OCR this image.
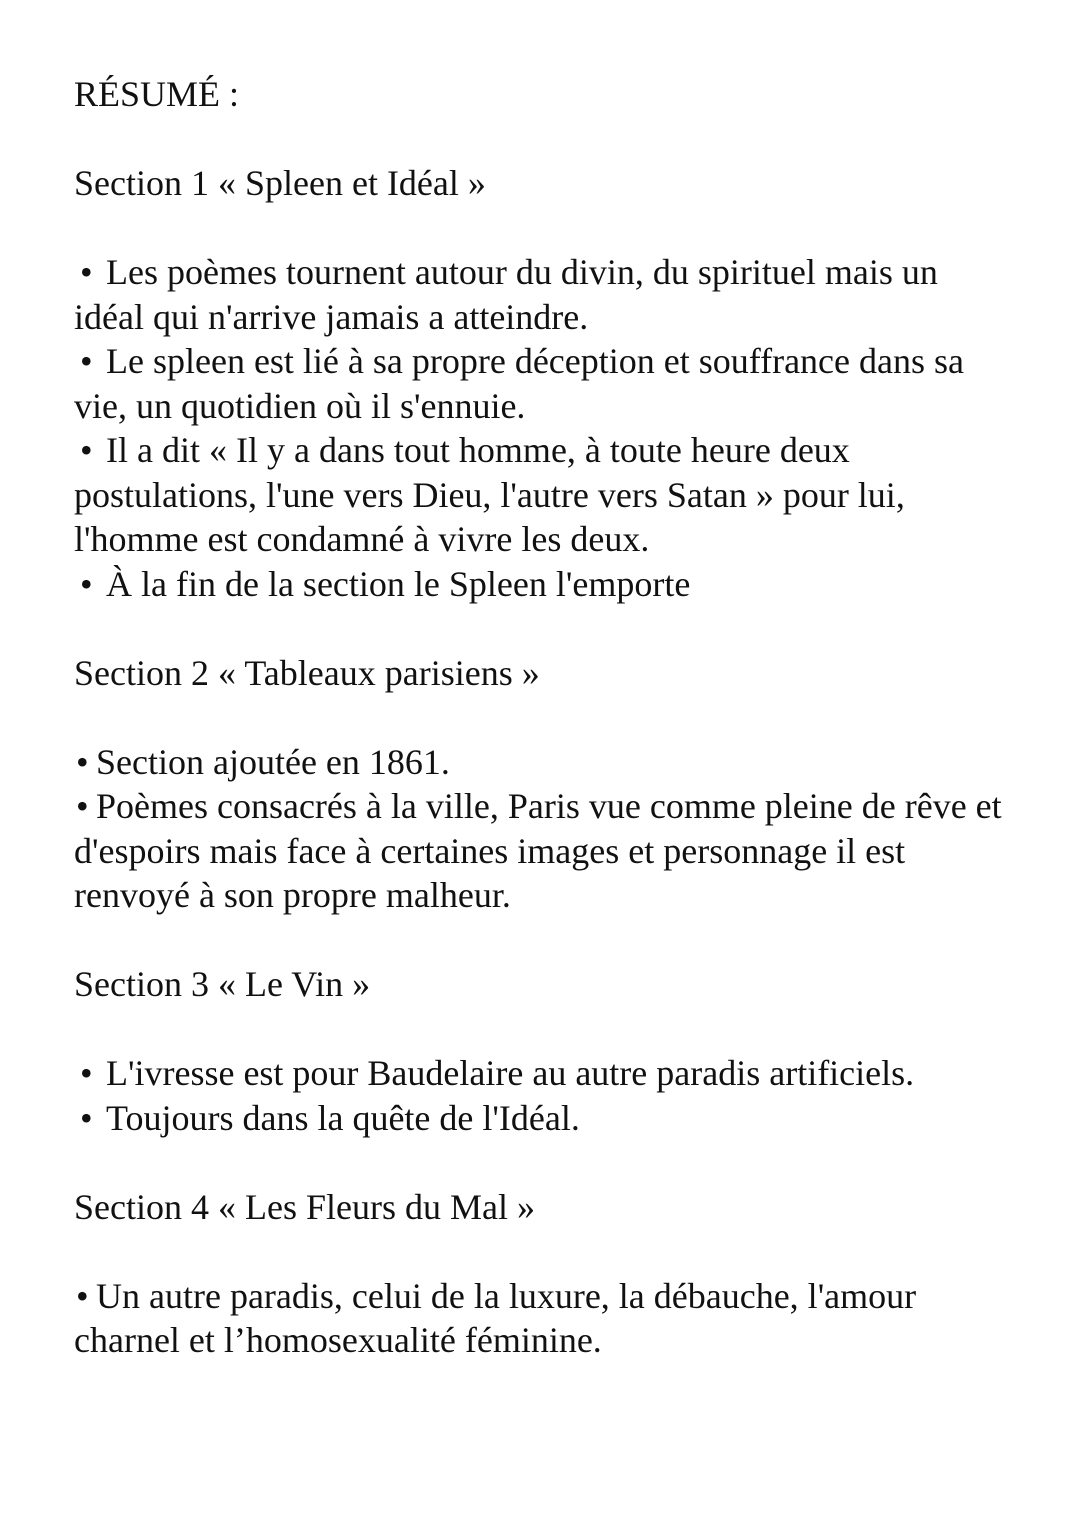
RÉSUMÉ :
Section 1 « Spleen et Idéal »
• Les poèmes tournent autour du divin, du spirituel mais un idéal qui n'arrive jamais a atteindre.
• Le spleen est lié à sa propre déception et souffrance dans sa vie, un quotidien où il s'ennuie.
• Il a dit « Il y a dans tout homme, à toute heure deux postulations, l'une vers Dieu, l'autre vers Satan » pour lui, l'homme est condamné à vivre les deux.
• À la fin de la section le Spleen l'emporte
Section 2 « Tableaux parisiens »
• Section ajoutée en 1861.
• Poèmes consacrés à la ville, Paris vue comme pleine de rêve et d'espoirs mais face à certaines images et personnage il est renvoyé à son propre malheur.
Section 3 « Le Vin »
• L'ivresse est pour Baudelaire au autre paradis artificiels.
• Toujours dans la quête de l'Idéal.
Section 4 « Les Fleurs du Mal »
• Un autre paradis, celui de la luxure, la débauche, l'amour charnel et l’homosexualité féminine.
